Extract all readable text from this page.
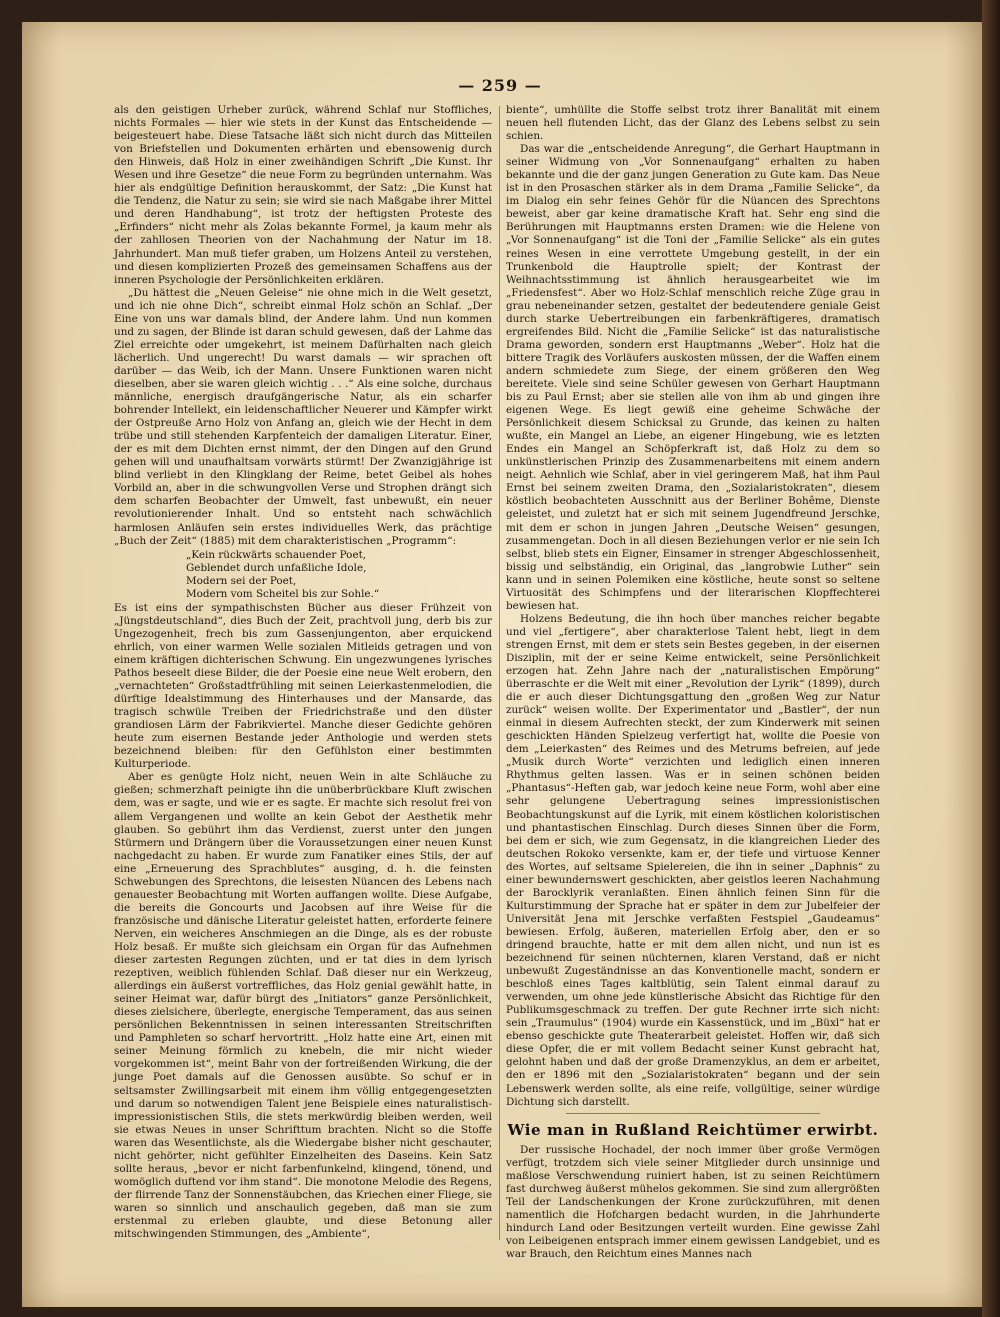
— 259 —

als den geistigen Urheber zurück, während Schlaf nur Stoffliches, nichts Formales — hier wie stets in der Kunst das Entscheidende — beigesteuert habe. Diese Tatsache läßt sich nicht durch das Mitteilen von Briefstellen und Dokumenten erhärten und ebensowenig durch den Hinweis, daß Holz in einer zweihändigen Schrift „Die Kunst. Ihr Wesen und ihre Gesetze“ die neue Form zu begründen unternahm. Was hier als endgültige Definition herauskommt, der Satz: „Die Kunst hat die Tendenz, die Natur zu sein; sie wird sie nach Maßgabe ihrer Mittel und deren Handhabung“, ist trotz der heftigsten Proteste des „Erfinders“ nicht mehr als Zolas bekannte Formel, ja kaum mehr als der zahllosen Theorien von der Nachahmung der Natur im 18. Jahrhundert. Man muß tiefer graben, um Holzens Anteil zu verstehen, und diesen komplizierten Prozeß des gemeinsamen Schaffens aus der inneren Psychologie der Persönlichkeiten erklären.

„Du hättest die „Neuen Geleise“ nie ohne mich in die Welt gesetzt, und ich nie ohne Dich“, schreibt einmal Holz schön an Schlaf. „Der Eine von uns war damals blind, der Andere lahm. Und nun kommen und zu sagen, der Blinde ist daran schuld gewesen, daß der Lahme das Ziel erreichte oder umgekehrt, ist meinem Dafürhalten nach gleich lächerlich. Und ungerecht! Du warst damals — wir sprachen oft darüber — das Weib, ich der Mann. Unsere Funktionen waren nicht dieselben, aber sie waren gleich wichtig . . .“ Als eine solche, durchaus männliche, energisch draufgängerische Natur, als ein scharfer bohrender Intellekt, ein leidenschaftlicher Neuerer und Kämpfer wirkt der Ostpreuße Arno Holz von Anfang an, gleich wie der Hecht in dem trübe und still stehenden Karpfenteich der damaligen Literatur. Einer, der es mit dem Dichten ernst nimmt, der den Dingen auf den Grund gehen will und unaufhaltsam vorwärts stürmt! Der Zwanzigjährige ist blind verliebt in den Klingklang der Reime, betet Geibel als hohes Vorbild an, aber in die schwungvollen Verse und Strophen drängt sich dem scharfen Beobachter der Umwelt, fast unbewußt, ein neuer revolutionierender Inhalt. Und so entsteht nach schwächlich harmlosen Anläufen sein erstes individuelles Werk, das prächtige „Buch der Zeit“ (1885) mit dem charakteristischen „Programm“:

„Kein rückwärts schauender Poet,
Geblendet durch unfaßliche Idole,
Modern sei der Poet,
Modern vom Scheitel bis zur Sohle.“

Es ist eins der sympathischsten Bücher aus dieser Frühzeit von „Jüngstdeutschland“, dies Buch der Zeit, prachtvoll jung, derb bis zur Ungezogenheit, frech bis zum Gassenjungenton, aber erquickend ehrlich, von einer warmen Welle sozialen Mitleids getragen und von einem kräftigen dichterischen Schwung. Ein ungezwungenes lyrisches Pathos beseelt diese Bilder, die der Poesie eine neue Welt erobern, den „vernachteten“ Großstadtfrühling mit seinen Leierkastenmelodien, die dürftige Idealstimmung des Hinterhauses und der Mansarde, das tragisch schwüle Treiben der Friedrichstraße und den düster grandiosen Lärm der Fabrikviertel. Manche dieser Gedichte gehören heute zum eisernen Bestande jeder Anthologie und werden stets bezeichnend bleiben: für den Gefühlston einer bestimmten Kulturperiode.

Aber es genügte Holz nicht, neuen Wein in alte Schläuche zu gießen; schmerzhaft peinigte ihn die unüberbrückbare Kluft zwischen dem, was er sagte, und wie er es sagte. Er machte sich resolut frei von allem Vergangenen und wollte an kein Gebot der Aesthetik mehr glauben. So gebührt ihm das Verdienst, zuerst unter den jungen Stürmern und Drängern über die Voraussetzungen einer neuen Kunst nachgedacht zu haben. Er wurde zum Fanatiker eines Stils, der auf eine „Erneuerung des Sprachblutes“ ausging, d. h. die feinsten Schwebungen des Sprechtons, die leisesten Nüancen des Lebens nach genauester Beobachtung mit Worten auffangen wollte. Diese Aufgabe, die bereits die Goncourts und Jacobsen auf ihre Weise für die französische und dänische Literatur geleistet hatten, erforderte feinere Nerven, ein weicheres Anschmiegen an die Dinge, als es der robuste Holz besaß. Er mußte sich gleichsam ein Organ für das Aufnehmen dieser zartesten Regungen züchten, und er tat dies in dem lyrisch rezeptiven, weiblich fühlenden Schlaf. Daß dieser nur ein Werkzeug, allerdings ein äußerst vortreffliches, das Holz genial gewählt hatte, in seiner Heimat war, dafür bürgt des „Initiators“ ganze Persönlichkeit, dieses zielsichere, überlegte, energische Temperament, das aus seinen persönlichen Bekenntnissen in seinen interessanten Streitschriften und Pamphleten so scharf hervortritt. „Holz hatte eine Art, einen mit seiner Meinung förmlich zu knebeln, die mir nicht wieder vorgekommen ist“, meint Bahr von der fortreißenden Wirkung, die der junge Poet damals auf die Genossen ausübte. So schuf er in seltsamster Zwillingsarbeit mit einem ihm völlig entgegengesetzten und darum so notwendigen Talent jene Beispiele eines naturalistisch-impressionistischen Stils, die stets merkwürdig bleiben werden, weil sie etwas Neues in unser Schrifttum brachten. Nicht so die Stoffe waren das Wesentlichste, als die Wiedergabe bisher nicht geschauter, nicht gehörter, nicht gefühlter Einzelheiten des Daseins. Kein Satz sollte heraus, „bevor er nicht farbenfunkelnd, klingend, tönend, und womöglich duftend vor ihm stand“. Die monotone Melodie des Regens, der flirrende Tanz der Sonnenstäubchen, das Kriechen einer Fliege, sie waren so sinnlich und anschaulich gegeben, daß man sie zum erstenmal zu erleben glaubte, und diese Betonung aller mitschwingenden Stimmungen, des „Ambiente“,

biente“, umhüllte die Stoffe selbst trotz ihrer Banalität mit einem neuen hell flutenden Licht, das der Glanz des Lebens selbst zu sein schien.

Das war die „entscheidende Anregung“, die Gerhart Hauptmann in seiner Widmung von „Vor Sonnenaufgang“ erhalten zu haben bekannte und die der ganz jungen Generation zu Gute kam. Das Neue ist in den Prosaschen stärker als in dem Drama „Familie Selicke“, da im Dialog ein sehr feines Gehör für die Nüancen des Sprechtons beweist, aber gar keine dramatische Kraft hat. Sehr eng sind die Berührungen mit Hauptmanns ersten Dramen: wie die Helene von „Vor Sonnenaufgang“ ist die Toni der „Familie Selicke“ als ein gutes reines Wesen in eine verrottete Umgebung gestellt, in der ein Trunkenbold die Hauptrolle spielt; der Kontrast der Weihnachtsstimmung ist ähnlich herausgearbeitet wie im „Friedensfest“. Aber wo Holz-Schlaf menschlich reiche Züge grau in grau nebeneinander setzen, gestaltet der bedeutendere geniale Geist durch starke Uebertreibungen ein farbenkräftigeres, dramatisch ergreifendes Bild. Nicht die „Familie Selicke“ ist das naturalistische Drama geworden, sondern erst Hauptmanns „Weber“. Holz hat die bittere Tragik des Vorläufers auskosten müssen, der die Waffen einem andern schmiedete zum Siege, der einem größeren den Weg bereitete. Viele sind seine Schüler gewesen von Gerhart Hauptmann bis zu Paul Ernst; aber sie stellen alle von ihm ab und gingen ihre eigenen Wege. Es liegt gewiß eine geheime Schwäche der Persönlichkeit diesem Schicksal zu Grunde, das keinen zu halten wußte, ein Mangel an Liebe, an eigener Hingebung, wie es letzten Endes ein Mangel an Schöpferkraft ist, daß Holz zu dem so unkünstlerischen Prinzip des Zusammenarbeitens mit einem andern neigt. Aehnlich wie Schlaf, aber in viel geringerem Maß, hat ihm Paul Ernst bei seinem zweiten Drama, den „Sozialaristokraten“, diesem köstlich beobachteten Ausschnitt aus der Berliner Bohême, Dienste geleistet, und zuletzt hat er sich mit seinem Jugendfreund Jerschke, mit dem er schon in jungen Jahren „Deutsche Weisen“ gesungen, zusammengetan. Doch in all diesen Beziehungen verlor er nie sein Ich selbst, blieb stets ein Eigner, Einsamer in strenger Abgeschlossenheit, bissig und selbständig, ein Original, das „langrobwie Luther“ sein kann und in seinen Polemiken eine köstliche, heute sonst so seltene Virtuosität des Schimpfens und der literarischen Klopffechterei bewiesen hat.

Holzens Bedeutung, die ihn hoch über manches reicher begabte und viel „fertigere“, aber charakterlose Talent hebt, liegt in dem strengen Ernst, mit dem er stets sein Bestes gegeben, in der eisernen Disziplin, mit der er seine Keime entwickelt, seine Persönlichkeit erzogen hat. Zehn Jahre nach der „naturalistischen Empörung“ überraschte er die Welt mit einer „Revolution der Lyrik“ (1899), durch die er auch dieser Dichtungsgattung den „großen Weg zur Natur zurück“ weisen wollte. Der Experimentator und „Bastler“, der nun einmal in diesem Aufrechten steckt, der zum Kinderwerk mit seinen geschickten Händen Spielzeug verfertigt hat, wollte die Poesie von dem „Leierkasten“ des Reimes und des Metrums befreien, auf jede „Musik durch Worte“ verzichten und lediglich einen inneren Rhythmus gelten lassen. Was er in seinen schönen beiden „Phantasus“-Heften gab, war jedoch keine neue Form, wohl aber eine sehr gelungene Uebertragung seines impressionistischen Beobachtungskunst auf die Lyrik, mit einem köstlichen koloristischen und phantastischen Einschlag. Durch dieses Sinnen über die Form, bei dem er sich, wie zum Gegensatz, in die klangreichen Lieder des deutschen Rokoko versenkte, kam er, der tiefe und virtuose Kenner des Wortes, auf seltsame Spielereien, die ihn in seiner „Daphnis“ zu einer bewundernswert geschickten, aber geistlos leeren Nachahmung der Barocklyrik veranlaßten. Einen ähnlich feinen Sinn für die Kulturstimmung der Sprache hat er später in dem zur Jubelfeier der Universität Jena mit Jerschke verfaßten Festspiel „Gaudeamus“ bewiesen. Erfolg, äußeren, materiellen Erfolg aber, den er so dringend brauchte, hatte er mit dem allen nicht, und nun ist es bezeichnend für seinen nüchternen, klaren Verstand, daß er nicht unbewußt Zugeständnisse an das Konventionelle macht, sondern er beschloß eines Tages kaltblütig, sein Talent einmal darauf zu verwenden, um ohne jede künstlerische Absicht das Richtige für den Publikumsgeschmack zu treffen. Der gute Rechner irrte sich nicht: sein „Traumulus“ (1904) wurde ein Kassenstück, und im „Büxl“ hat er ebenso geschickte gute Theaterarbeit geleistet. Hoffen wir, daß sich diese Opfer, die er mit vollem Bedacht seiner Kunst gebracht hat, gelohnt haben und daß der große Dramenzyklus, an dem er arbeitet, den er 1896 mit den „Sozialaristokraten“ begann und der sein Lebenswerk werden sollte, als eine reife, vollgültige, seiner würdige Dichtung sich darstellt.

Wie man in Rußland Reichtümer erwirbt.

Der russische Hochadel, der noch immer über große Vermögen verfügt, trotzdem sich viele seiner Mitglieder durch unsinnige und maßlose Verschwendung ruiniert haben, ist zu seinen Reichtümern fast durchweg äußerst mühelos gekommen. Sie sind zum allergrößten Teil der Landschenkungen der Krone zurückzuführen, mit denen namentlich die Hofchargen bedacht wurden, in die Jahrhunderte hindurch Land oder Besitzungen verteilt wurden. Eine gewisse Zahl von Leibeigenen entsprach immer einem gewissen Landgebiet, und es war Brauch, den Reichtum eines Mannes nach
